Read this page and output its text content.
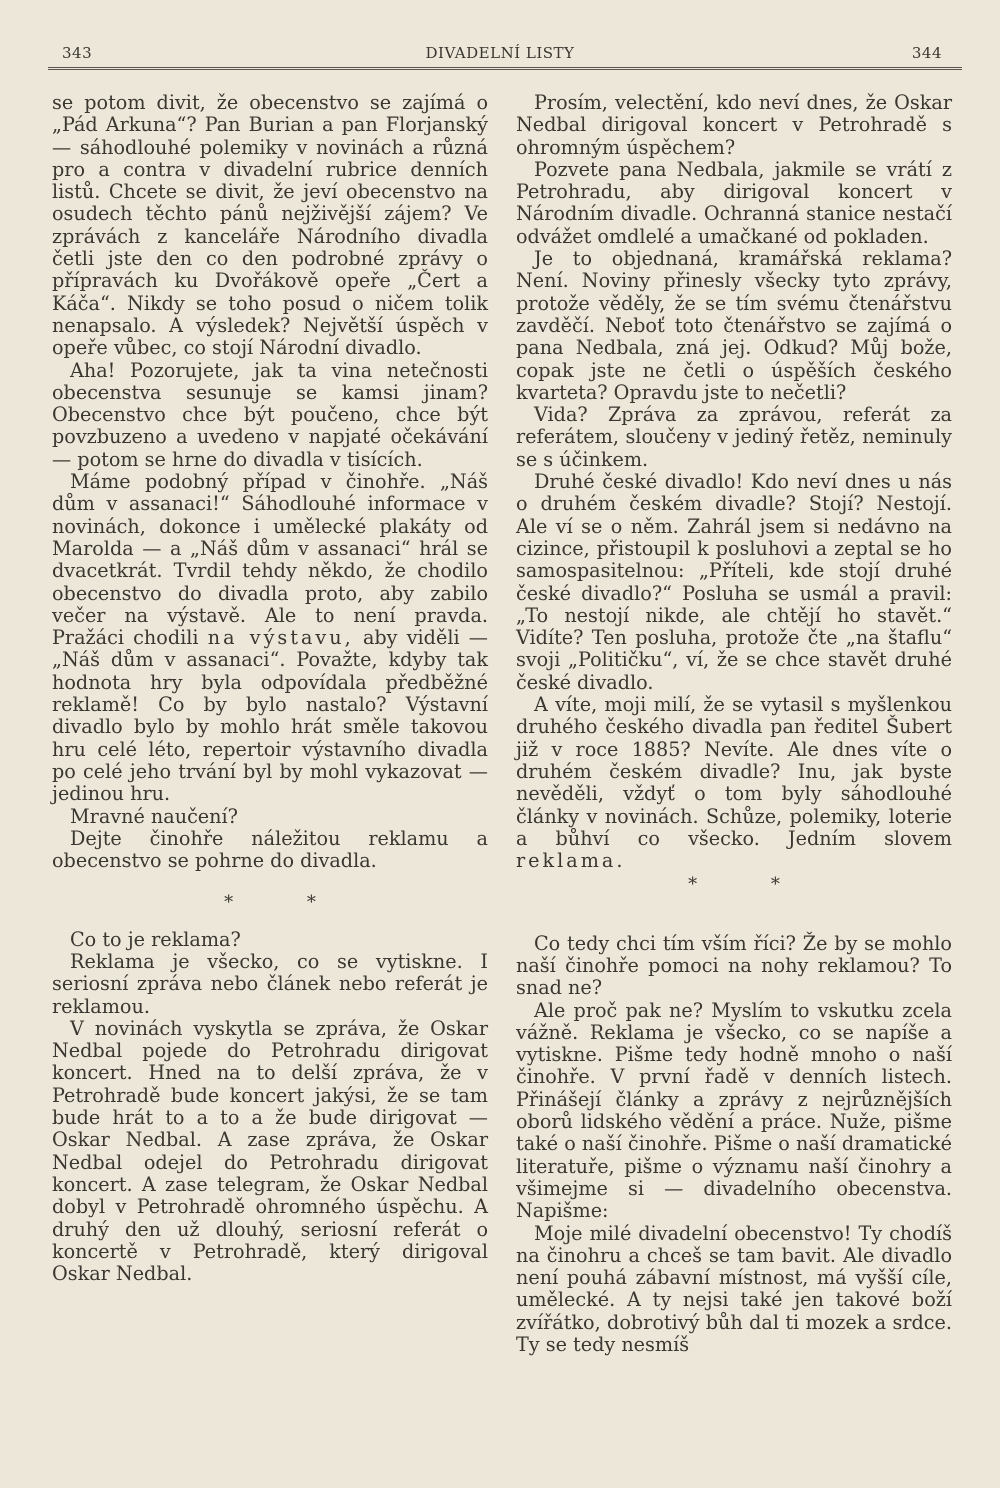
343	DIVADELNÍ LISTY	344

se potom divit, že obecenstvo se zajímá o „Pád Arkuna“? Pan Burian a pan Florjanský — sáhodlouhé polemiky v novinách a různá pro a contra v divadelní rubrice denních listů. Chcete se divit, že jeví obecenstvo na osudech těchto pánů nejživější zájem? Ve zprávách z kanceláře Národního divadla četli jste den co den podrobné zprávy o přípravách ku Dvořákově opeře „Čert a Káča“. Nikdy se toho posud o ničem tolik nenapsalo. A výsledek? Největší úspěch v opeře vůbec, co stojí Národní divadlo.

Aha! Pozorujete, jak ta vina netečnosti obecenstva sesunuje se kamsi jinam? Obecenstvo chce být poučeno, chce být povzbuzeno a uvedeno v napjaté očekávání — potom se hrne do divadla v tisících.

Máme podobný případ v činohře. „Náš dům v assanaci!“ Sáhodlouhé informace v novinách, dokonce i umělecké plakáty od Marolda — a „Náš dům v assanaci“ hrál se dvacetkrát. Tvrdil tehdy někdo, že chodilo obecenstvo do divadla proto, aby zabilo večer na výstavě. Ale to není pravda. Pražáci chodili na výstavu, aby viděli — „Náš dům v assanaci“. Považte, kdyby tak hodnota hry byla odpovídala předběžné reklamě! Co by bylo nastalo? Výstavní divadlo bylo by mohlo hrát směle takovou hru celé léto, repertoir výstavního divadla po celé jeho trvání byl by mohl vykazovat — jedinou hru.

Mravné naučení?

Dejte činohře náležitou reklamu a obecenstvo se pohrne do divadla.

* *

Co to je reklama?

Reklama je všecko, co se vytiskne. I seriosní zpráva nebo článek nebo referát je reklamou.

V novinách vyskytla se zpráva, že Oskar Nedbal pojede do Petrohradu dirigovat koncert. Hned na to delší zpráva, že v Petrohradě bude koncert jakýsi, že se tam bude hrát to a to a že bude dirigovat — Oskar Nedbal. A zase zpráva, že Oskar Nedbal odejel do Petrohradu dirigovat koncert. A zase telegram, že Oskar Nedbal dobyl v Petrohradě ohromného úspěchu. A druhý den už dlouhý, seriosní referát o koncertě v Petrohradě, který dirigoval Oskar Nedbal.

Prosím, velectění, kdo neví dnes, že Oskar Nedbal dirigoval koncert v Petrohradě s ohromným úspěchem?

Pozvete pana Nedbala, jakmile se vrátí z Petrohradu, aby dirigoval koncert v Národním divadle. Ochranná stanice nestačí odvážet omdlelé a umačkané od pokladen.

Je to objednaná, kramářská reklama? Není. Noviny přinesly všecky tyto zprávy, protože věděly, že se tím svému čtenářstvu zavděčí. Neboť toto čtenářstvo se zajímá o pana Nedbala, zná jej. Odkud? Můj bože, copak jste ne četli o úspěších českého kvarteta? Opravdu jste to nečetli?

Vida? Zpráva za zprávou, referát za referátem, sloučeny v jediný řetěz, neminuly se s účinkem.

Druhé české divadlo! Kdo neví dnes u nás o druhém českém divadle? Stojí? Nestojí. Ale ví se o něm. Zahrál jsem si nedávno na cizince, přistoupil k posluhovi a zeptal se ho samospasitelnou: „Příteli, kde stojí druhé české divadlo?“ Posluha se usmál a pravil: „To nestojí nikde, ale chtějí ho stavět.“ Vidíte? Ten posluha, protože čte „na štaflu“ svoji „Političku“, ví, že se chce stavět druhé české divadlo.

A víte, moji milí, že se vytasil s myšlenkou druhého českého divadla pan ředitel Šubert již v roce 1885? Nevíte. Ale dnes víte o druhém českém divadle? Inu, jak byste nevěděli, vždyť o tom byly sáhodlouhé články v novinách. Schůze, polemiky, loterie a bůhví co všecko. Jedním slovem reklama.

* *

Co tedy chci tím vším říci? Že by se mohlo naší činohře pomoci na nohy reklamou? To snad ne?

Ale proč pak ne? Myslím to vskutku zcela vážně. Reklama je všecko, co se napíše a vytiskne. Pišme tedy hodně mnoho o naší činohře. V první řadě v denních listech. Přinášejí články a zprávy z nejrůznějších oborů lidského vědění a práce. Nuže, pišme také o naší činohře. Pišme o naší dramatické literatuře, pišme o významu naší činohry a všimejme si — divadelního obecenstva. Napišme:

Moje milé divadelní obecenstvo! Ty chodíš na činohru a chceš se tam bavit. Ale divadlo není pouhá zábavní místnost, má vyšší cíle, umělecké. A ty nejsi také jen takové boží zvířátko, dobrotivý bůh dal ti mozek a srdce. Ty se tedy nesmíš
